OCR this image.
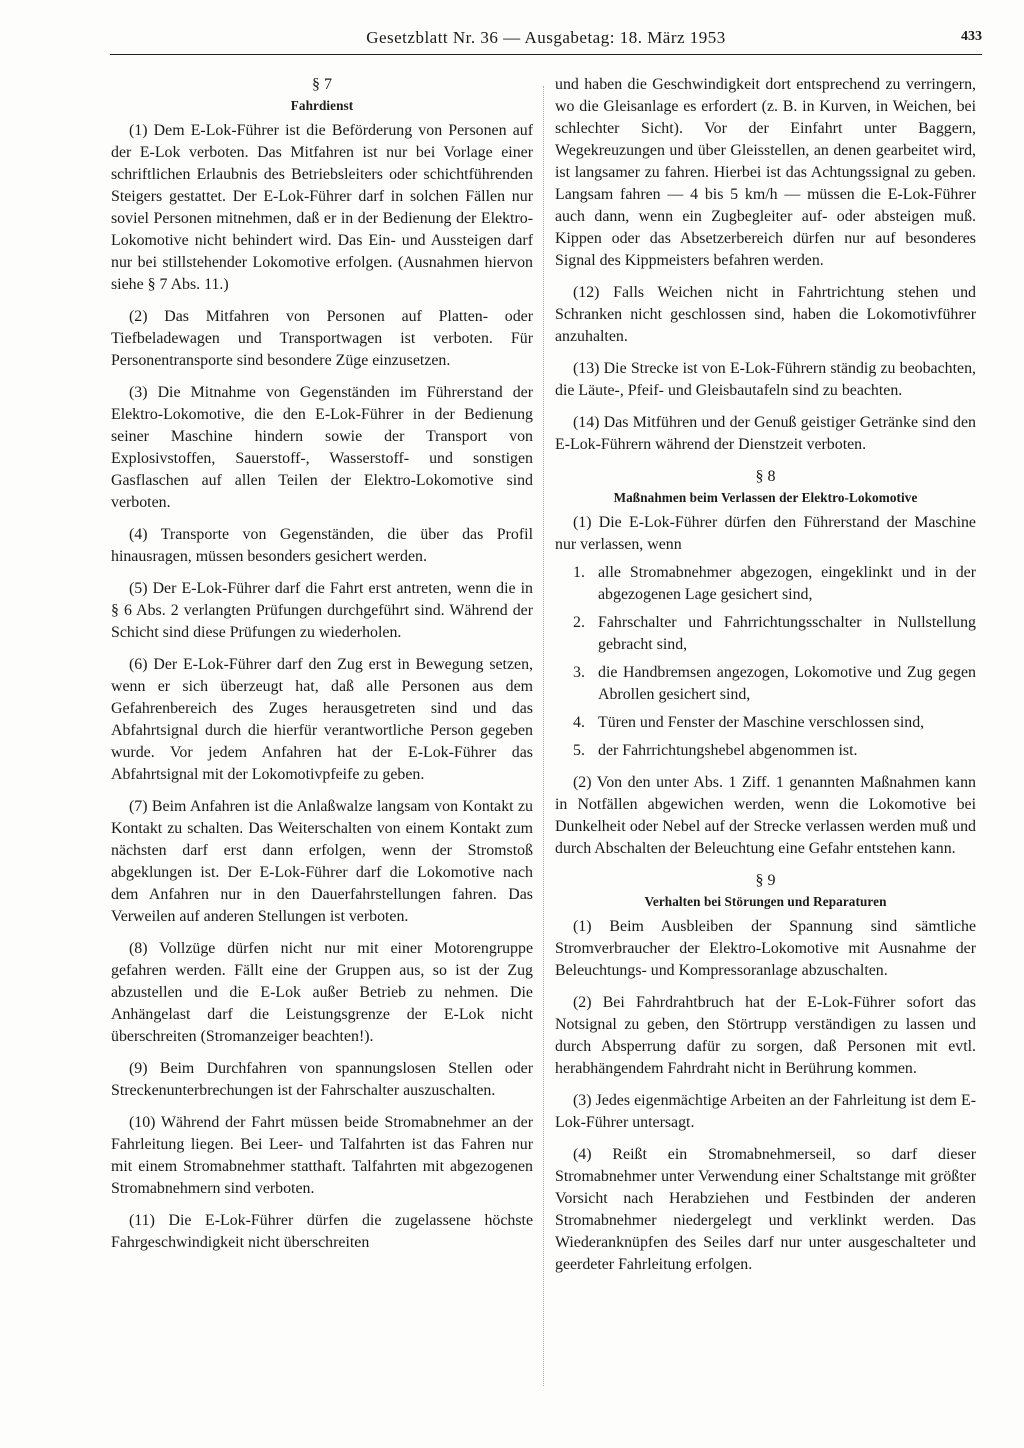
Gesetzblatt Nr. 36 — Ausgabetag: 18. März 1953	433

§ 7

Fahrdienst

(1) Dem E-Lok-Führer ist die Beförderung von Personen auf der E-Lok verboten. Das Mitfahren ist nur bei Vorlage einer schriftlichen Erlaubnis des Betriebsleiters oder schichtführenden Steigers gestattet. Der E-Lok-Führer darf in solchen Fällen nur soviel Personen mitnehmen, daß er in der Bedienung der Elektro-Lokomotive nicht behindert wird. Das Ein- und Aussteigen darf nur bei stillstehender Lokomotive erfolgen. (Ausnahmen hiervon siehe § 7 Abs. 11.)

(2) Das Mitfahren von Personen auf Platten- oder Tiefbeladewagen und Transportwagen ist verboten. Für Personentransporte sind besondere Züge einzusetzen.

(3) Die Mitnahme von Gegenständen im Führerstand der Elektro-Lokomotive, die den E-Lok-Führer in der Bedienung seiner Maschine hindern sowie der Transport von Explosivstoffen, Sauerstoff-, Wasserstoff- und sonstigen Gasflaschen auf allen Teilen der Elektro-Lokomotive sind verboten.

(4) Transporte von Gegenständen, die über das Profil hinausragen, müssen besonders gesichert werden.

(5) Der E-Lok-Führer darf die Fahrt erst antreten, wenn die in § 6 Abs. 2 verlangten Prüfungen durchgeführt sind. Während der Schicht sind diese Prüfungen zu wiederholen.

(6) Der E-Lok-Führer darf den Zug erst in Bewegung setzen, wenn er sich überzeugt hat, daß alle Personen aus dem Gefahrenbereich des Zuges herausgetreten sind und das Abfahrtsignal durch die hierfür verantwortliche Person gegeben wurde. Vor jedem Anfahren hat der E-Lok-Führer das Abfahrtsignal mit der Lokomotivpfeife zu geben.

(7) Beim Anfahren ist die Anlaßwalze langsam von Kontakt zu Kontakt zu schalten. Das Weiterschalten von einem Kontakt zum nächsten darf erst dann erfolgen, wenn der Stromstoß abgeklungen ist. Der E-Lok-Führer darf die Lokomotive nach dem Anfahren nur in den Dauerfahrstellungen fahren. Das Verweilen auf anderen Stellungen ist verboten.

(8) Vollzüge dürfen nicht nur mit einer Motorengruppe gefahren werden. Fällt eine der Gruppen aus, so ist der Zug abzustellen und die E-Lok außer Betrieb zu nehmen. Die Anhängelast darf die Leistungsgrenze der E-Lok nicht überschreiten (Stromanzeiger beachten!).

(9) Beim Durchfahren von spannungslosen Stellen oder Streckenunterbrechungen ist der Fahrschalter auszuschalten.

(10) Während der Fahrt müssen beide Stromabnehmer an der Fahrleitung liegen. Bei Leer- und Talfahrten ist das Fahren nur mit einem Stromabnehmer statthaft. Talfahrten mit abgezogenen Stromabnehmern sind verboten.

(11) Die E-Lok-Führer dürfen die zugelassene höchste Fahrgeschwindigkeit nicht überschreiten

und haben die Geschwindigkeit dort entsprechend zu verringern, wo die Gleisanlage es erfordert (z. B. in Kurven, in Weichen, bei schlechter Sicht). Vor der Einfahrt unter Baggern, Wegekreuzungen und über Gleisstellen, an denen gearbeitet wird, ist langsamer zu fahren. Hierbei ist das Achtungssignal zu geben. Langsam fahren — 4 bis 5 km/h — müssen die E-Lok-Führer auch dann, wenn ein Zugbegleiter auf- oder absteigen muß. Kippen oder das Absetzerbereich dürfen nur auf besonderes Signal des Kippmeisters befahren werden.

(12) Falls Weichen nicht in Fahrtrichtung stehen und Schranken nicht geschlossen sind, haben die Lokomotivführer anzuhalten.

(13) Die Strecke ist von E-Lok-Führern ständig zu beobachten, die Läute-, Pfeif- und Gleisbautafeln sind zu beachten.

(14) Das Mitführen und der Genuß geistiger Getränke sind den E-Lok-Führern während der Dienstzeit verboten.

§ 8

Maßnahmen beim Verlassen der Elektro-Lokomotive

(1) Die E-Lok-Führer dürfen den Führerstand der Maschine nur verlassen, wenn

1. alle Stromabnehmer abgezogen, eingeklinkt und in der abgezogenen Lage gesichert sind,
2. Fahrschalter und Fahrrichtungsschalter in Nullstellung gebracht sind,
3. die Handbremsen angezogen, Lokomotive und Zug gegen Abrollen gesichert sind,
4. Türen und Fenster der Maschine verschlossen sind,
5. der Fahrrichtungshebel abgenommen ist.

(2) Von den unter Abs. 1 Ziff. 1 genannten Maßnahmen kann in Notfällen abgewichen werden, wenn die Lokomotive bei Dunkelheit oder Nebel auf der Strecke verlassen werden muß und durch Abschalten der Beleuchtung eine Gefahr entstehen kann.

§ 9

Verhalten bei Störungen und Reparaturen

(1) Beim Ausbleiben der Spannung sind sämtliche Stromverbraucher der Elektro-Lokomotive mit Ausnahme der Beleuchtungs- und Kompressoranlage abzuschalten.

(2) Bei Fahrdrahtbruch hat der E-Lok-Führer sofort das Notsignal zu geben, den Störtrupp verständigen zu lassen und durch Absperrung dafür zu sorgen, daß Personen mit evtl. herabhängendem Fahrdraht nicht in Berührung kommen.

(3) Jedes eigenmächtige Arbeiten an der Fahrleitung ist dem E-Lok-Führer untersagt.

(4) Reißt ein Stromabnehmerseil, so darf dieser Stromabnehmer unter Verwendung einer Schaltstange mit größter Vorsicht nach Herabziehen und Festbinden der anderen Stromabnehmer niedergelegt und verklinkt werden. Das Wiederanknüpfen des Seiles darf nur unter ausgeschalteter und geerdeter Fahrleitung erfolgen.
